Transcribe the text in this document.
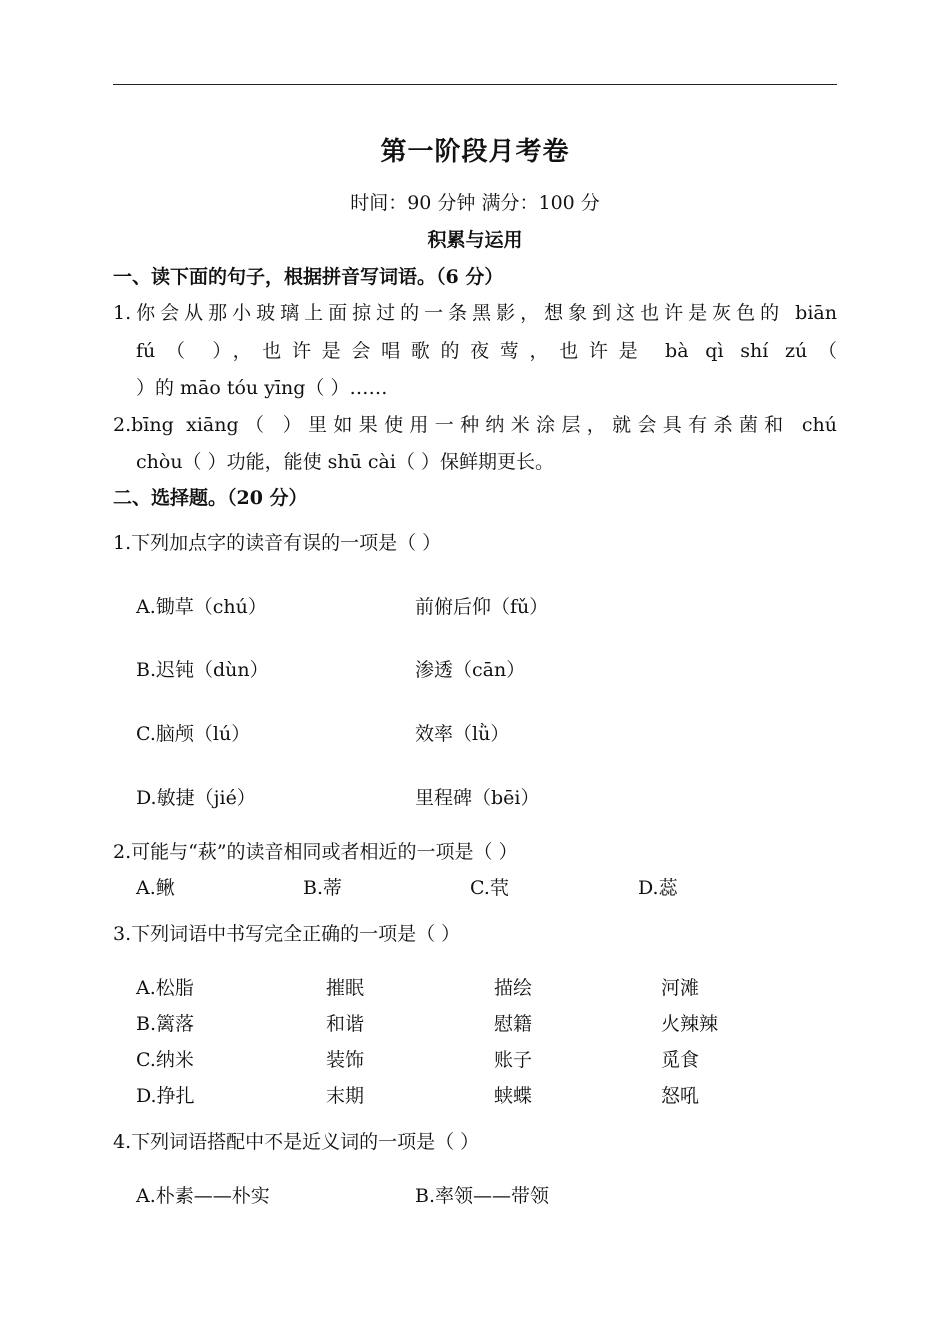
第一阶段月考卷
时间：90 分钟 满分：100 分
积累与运用
一、读下面的句子，根据拼音写词语。（6 分）
1.你会从那小玻璃上面掠过的一条黑影，想象到这也许是灰色的 biān
fú（ ），也许是会唱歌的夜莺，也许是 bà qì shí zú（
）的 māo tóu yīng（ ）……
2.bīng xiāng（ ）里如果使用一种纳米涂层，就会具有杀菌和 chú
chòu（ ）功能，能使 shū cài（ ）保鲜期更长。
二、选择题。（20 分）
1.下列加点字的读音有误的一项是（ ）
A.锄草（chú）	前俯后仰（fǔ）
B.迟钝（dùn）	渗透（cān）
C.脑颅（lú）	效率（lǜ）
D.敏捷（jié）	里程碑（bēi）
2.可能与“萩”的读音相同或者相近的一项是（ ）
A.鳅	B.蒂	C.茕	D.蕊
3.下列词语中书写完全正确的一项是（ ）
A.松脂	摧眠	描绘	河滩
B.篱落	和谐	慰籍	火辣辣
C.纳米	装饰	账子	觅食
D.挣扎	末期	蛱蝶	怒吼
4.下列词语搭配中不是近义词的一项是（ ）
A.朴素——朴实	B.率领——带领
